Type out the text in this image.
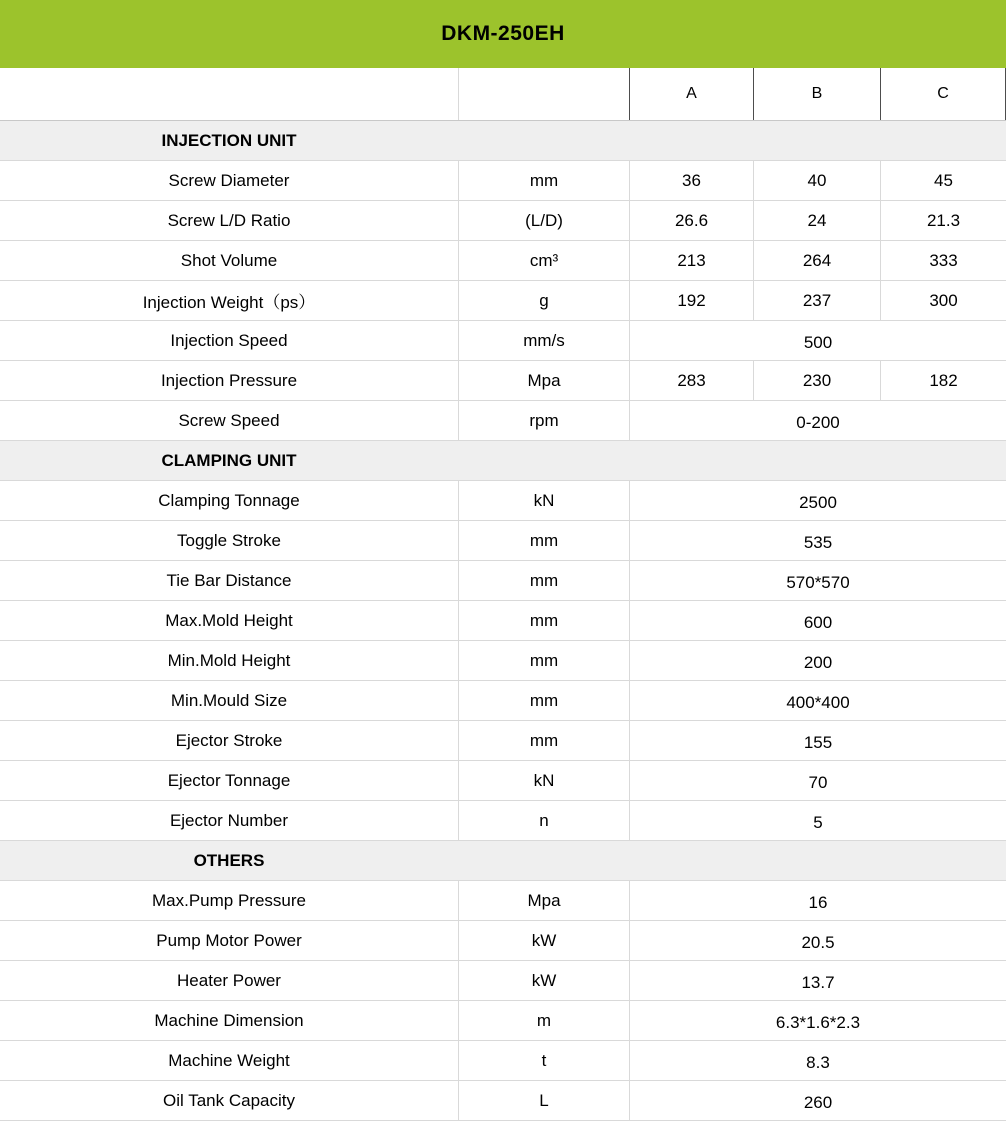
DKM-250EH
A	B	C
INJECTION UNIT
Screw Diameter	mm	36	40	45
Screw L/D Ratio	(L/D)	26.6	24	21.3
Shot Volume	cm³	213	264	333
Injection Weight（ps）	g	192	237	300
Injection Speed	mm/s	500
Injection Pressure	Mpa	283	230	182
Screw Speed	rpm	0-200
CLAMPING UNIT
Clamping Tonnage	kN	2500
Toggle Stroke	mm	535
Tie Bar Distance	mm	570*570
Max.Mold Height	mm	600
Min.Mold Height	mm	200
Min.Mould Size	mm	400*400
Ejector Stroke	mm	155
Ejector Tonnage	kN	70
Ejector Number	n	5
OTHERS
Max.Pump Pressure	Mpa	16
Pump Motor Power	kW	20.5
Heater Power	kW	13.7
Machine Dimension	m	6.3*1.6*2.3
Machine Weight	t	8.3
Oil Tank Capacity	L	260
